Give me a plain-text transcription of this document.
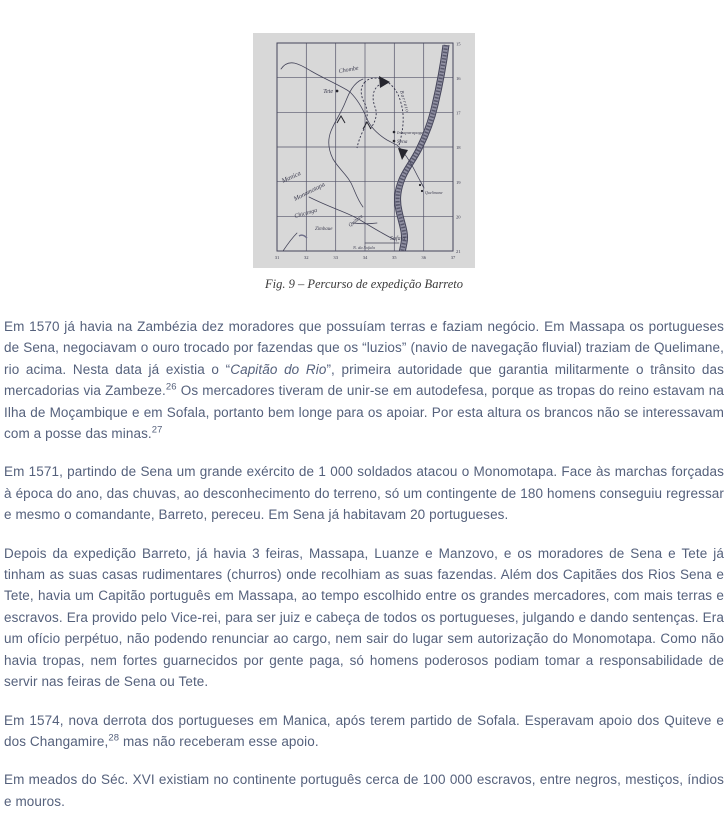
Chombe
Tete	Barreto
Inhaparapaga
Sena
Manica
Monomotapa
Chicanga
Zimbaue
Quiteve
Sofala
N. da Sofala
Quelimane
31	32	33	34	35	36	37
15
16
17
18
19
20
21
Fig. 9 – Percurso de expedição Barreto

Em 1570 já havia na Zambézia dez moradores que possuíam terras e faziam negócio. Em Massapa os portugueses de Sena, negociavam o ouro trocado por fazendas que os “luzios” (navio de navegação fluvial) traziam de Quelimane, rio acima. Nesta data já existia o “Capitão do Rio”, primeira autoridade que garantia militarmente o trânsito das mercadorias via Zambeze.$^{26}$ Os mercadores tiveram de unir-se em autodefesa, porque as tropas do reino estavam na Ilha de Moçambique e em Sofala, portanto bem longe para os apoiar. Por esta altura os brancos não se interessavam com a posse das minas.$^{27}$

Em 1571, partindo de Sena um grande exército de 1 000 soldados atacou o Monomotapa. Face às marchas forçadas à época do ano, das chuvas, ao desconhecimento do terreno, só um contingente de 180 homens conseguiu regressar e mesmo o comandante, Barreto, pereceu. Em Sena já habitavam 20 portugueses.

Depois da expedição Barreto, já havia 3 feiras, Massapa, Luanze e Manzovo, e os moradores de Sena e Tete já tinham as suas casas rudimentares (churros) onde recolhiam as suas fazendas. Além dos Capitães dos Rios Sena e Tete, havia um Capitão português em Massapa, ao tempo escolhido entre os grandes mercadores, com mais terras e escravos. Era provido pelo Vice-rei, para ser juiz e cabeça de todos os portugueses, julgando e dando sentenças. Era um ofício perpétuo, não podendo renunciar ao cargo, nem sair do lugar sem autorização do Monomotapa. Como não havia tropas, nem fortes guarnecidos por gente paga, só homens poderosos podiam tomar a responsabilidade de servir nas feiras de Sena ou Tete.

Em 1574, nova derrota dos portugueses em Manica, após terem partido de Sofala. Esperavam apoio dos Quiteve e dos Changamire,$^{28}$ mas não receberam esse apoio.

Em meados do Séc. XVI existiam no continente português cerca de 100 000 escravos, entre negros, mestiços, índios e mouros.
